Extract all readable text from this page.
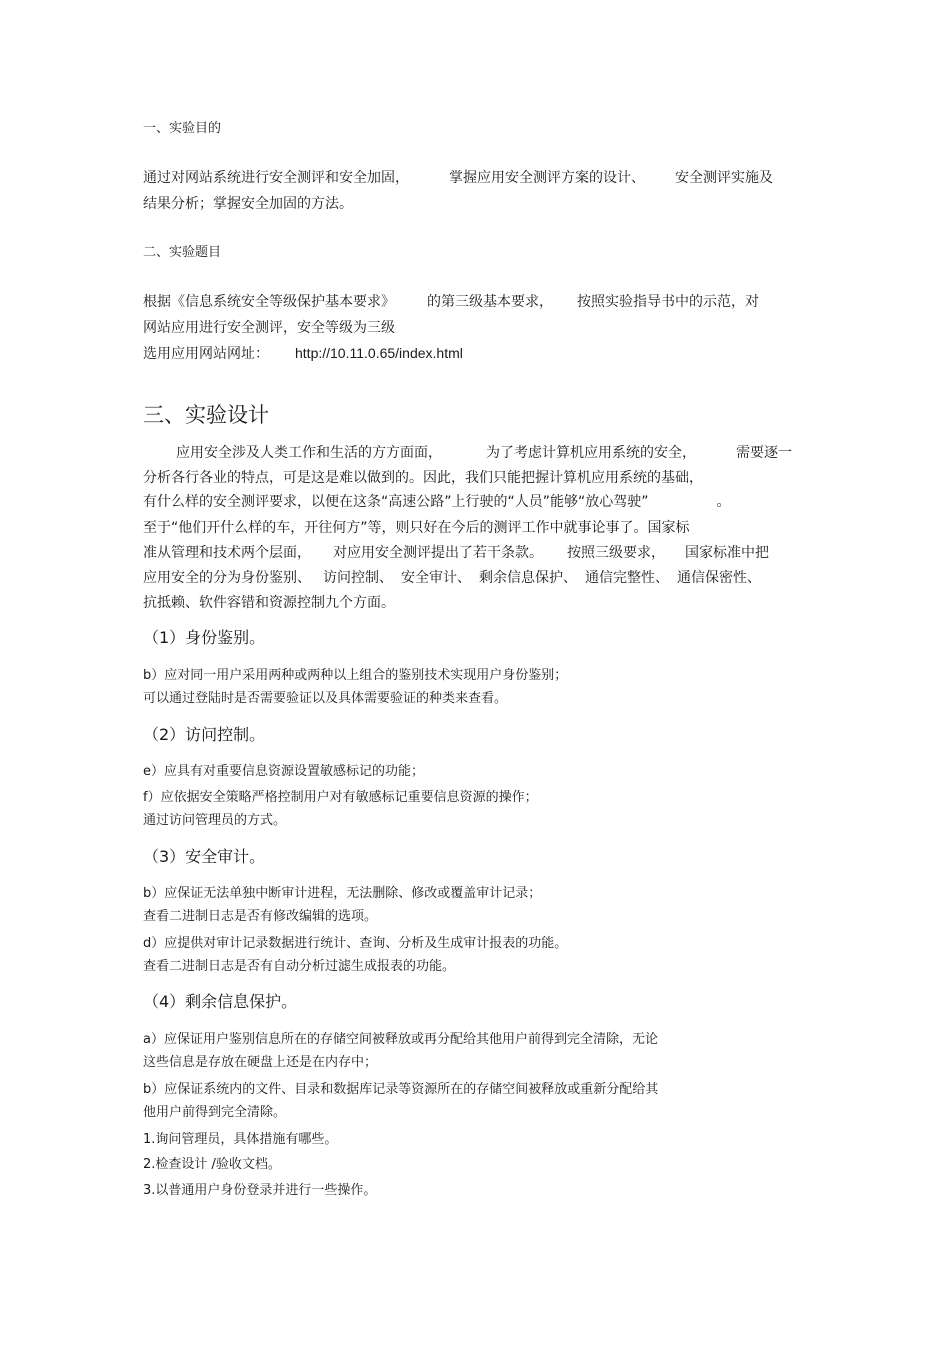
一、实验目的
通过对网站系统进行安全测评和安全加固，	掌握应用安全测评方案的设计、 安全测评实施及
结果分析；掌握安全加固的方法。
二、实验题目
根据《信息系统安全等级保护基本要求》 的第三级基本要求， 按照实验指导书中的示范，对
网站应用进行安全测评，安全等级为三级
选用应用网站网址： http://10.11.0.65/index.html
三、实验设计
应用安全涉及人类工作和生活的方方面面，	为了考虑计算机应用系统的安全，	需要逐一
分析各行各业的特点，可是这是难以做到的。因此，我们只能把握计算机应用系统的基础，
有什么样的安全测评要求，以便在这条“高速公路”上行驶的“人员”能够“放心驾驶”	。
至于“他们开什么样的车，开往何方”等，则只好在今后的测评工作中就事论事了。国家标
准从管理和技术两个层面， 对应用安全测评提出了若干条款。 按照三级要求， 国家标准中把
应用安全的分为身份鉴别、 访问控制、 安全审计、 剩余信息保护、 通信完整性、 通信保密性、
抗抵赖、软件容错和资源控制九个方面。
（1）身份鉴别。
b）应对同一用户采用两种或两种以上组合的鉴别技术实现用户身份鉴别；
可以通过登陆时是否需要验证以及具体需要验证的种类来查看。
（2）访问控制。
e）应具有对重要信息资源设置敏感标记的功能；
f）应依据安全策略严格控制用户对有敏感标记重要信息资源的操作；
通过访问管理员的方式。
（3）安全审计。
b）应保证无法单独中断审计进程，无法删除、修改或覆盖审计记录；
查看二进制日志是否有修改编辑的选项。
d）应提供对审计记录数据进行统计、查询、分析及生成审计报表的功能。
查看二进制日志是否有自动分析过滤生成报表的功能。
（4）剩余信息保护。
a）应保证用户鉴别信息所在的存储空间被释放或再分配给其他用户前得到完全清除，无论
这些信息是存放在硬盘上还是在内存中；
b）应保证系统内的文件、目录和数据库记录等资源所在的存储空间被释放或重新分配给其
他用户前得到完全清除。
1.询问管理员，具体措施有哪些。
2.检查设计 /验收文档。
3.以普通用户身份登录并进行一些操作。
